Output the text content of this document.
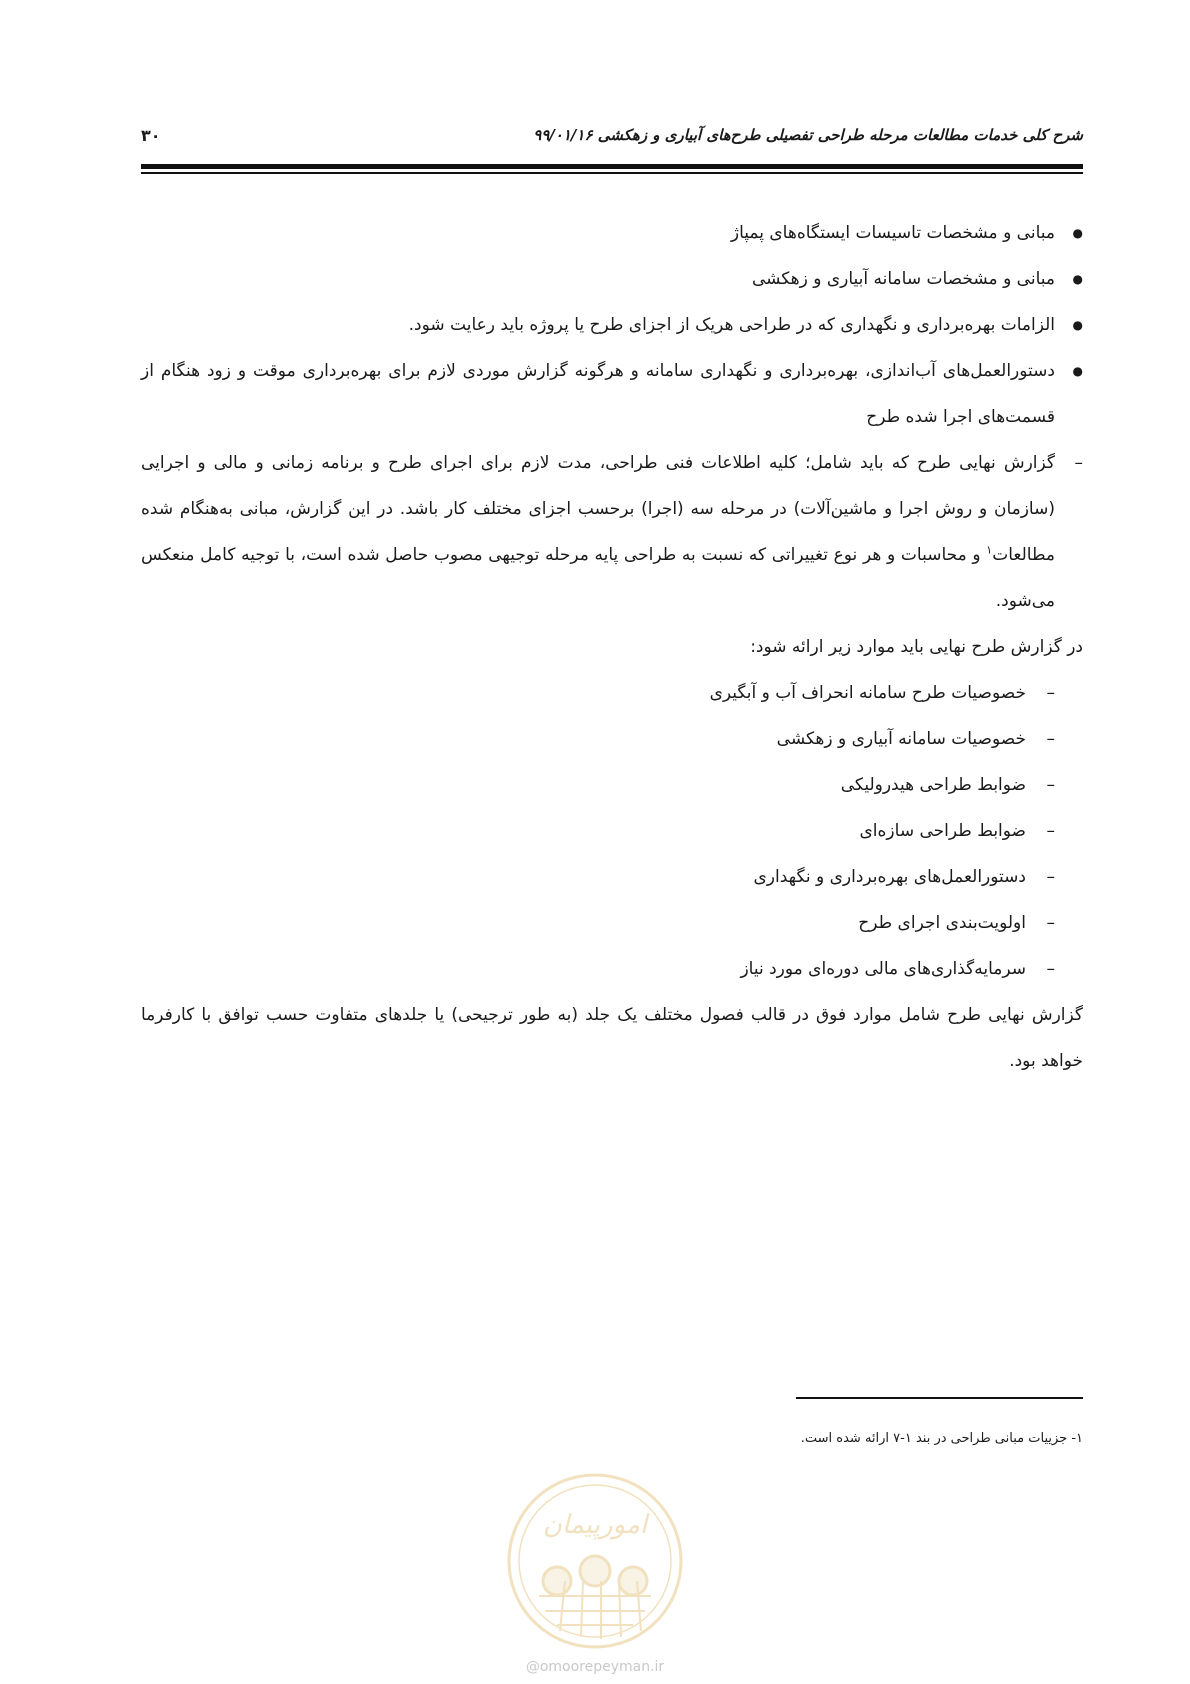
شرح کلی خدمات مطالعات مرحله طراحی تفصیلی طرح‌های آبیاری و زهکشی ۹۹/۰۱/۱۶
۳۰
● مبانی و مشخصات تاسیسات ایستگاه‌های پمپاژ
● مبانی و مشخصات سامانه آبیاری و زهکشی
● الزامات بهره‌برداری و نگهداری که در طراحی هریک از اجزای طرح یا پروژه باید رعایت شود.
● دستورالعمل‌های آب‌اندازی، بهره‌برداری و نگهداری سامانه و هرگونه گزارش موردی لازم برای بهره‌برداری موقت و زود هنگام از قسمت‌های اجرا شده طرح

–
گزارش نهایی طرح که باید شامل؛ کلیه اطلاعات فنی طراحی، مدت لازم برای اجرای طرح و برنامه زمانی و مالی و اجرایی (سازمان و روش اجرا و ماشین‌آلات) در مرحله سه (اجرا) برحسب اجزای مختلف کار باشد. در این گزارش، مبانی به‌هنگام شده مطالعات$^۱$ و محاسبات و هر نوع تغییراتی که نسبت به طراحی پایه مرحله توجیهی مصوب حاصل شده است، با توجیه کامل منعکس می‌شود.

در گزارش طرح نهایی باید موارد زیر ارائه شود:

–
خصوصیات طرح سامانه انحراف آب و آبگیری
–
خصوصیات سامانه آبیاری و زهکشی
–
ضوابط طراحی هیدرولیکی
–
ضوابط طراحی سازه‌ای
–
دستورالعمل‌های بهره‌برداری و نگهداری
–
اولویت‌بندی اجرای طرح
–
سرمایه‌گذاری‌های مالی دوره‌ای مورد نیاز

گزارش نهایی طرح شامل موارد فوق در قالب فصول مختلف یک جلد (به طور ترجیحی) یا جلدهای متفاوت حسب توافق با کارفرما خواهد بود.

۱- جزییات مبانی طراحی در بند ۱-۷ ارائه شده است.
امورپیمان
@omoorepeyman.ir
